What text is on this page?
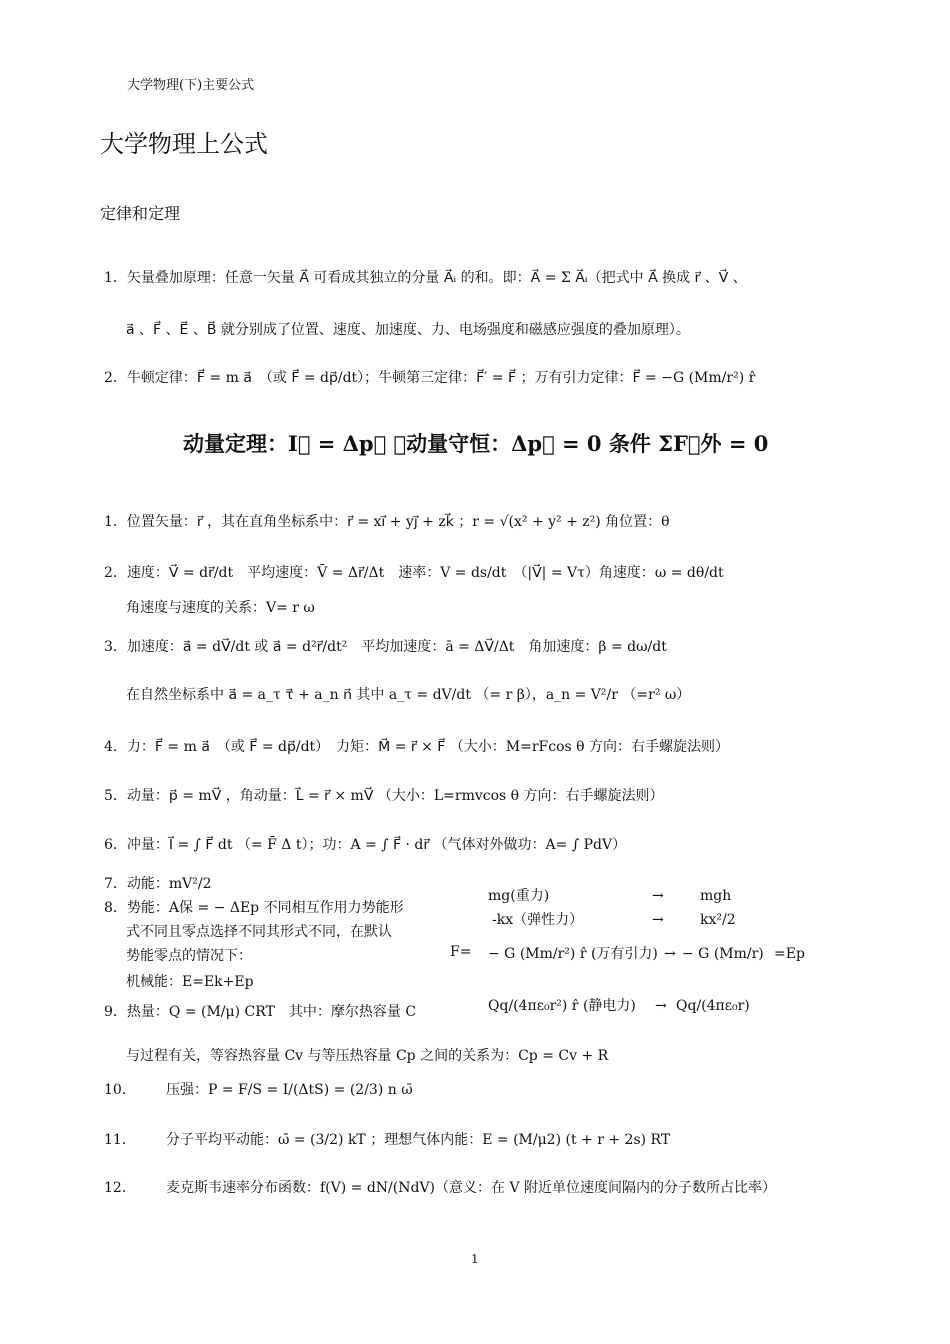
大学物理(下)主要公式
大学物理上公式
定律和定理
1．矢量叠加原理：任意一矢量 A⃗ 可看成其独立的分量 A⃗ᵢ 的和。即：A⃗ = Σ A⃗ᵢ（把式中 A⃗ 换成 r⃗ 、V⃗ 、
a⃗ 、F⃗ 、E⃗ 、B⃗ 就分别成了位置、速度、加速度、力、电场强度和磁感应强度的叠加原理）。
2．牛顿定律：F⃗ = m a⃗　（或 F⃗ = dp⃗/dt）；牛顿第三定律：F⃗′ = F⃗ ；万有引力定律：F⃗ = −G (Mm/r²) r̂
动量定理：I⃗ = Δp⃗ ➜动量守恒：Δp⃗ = 0 条件 ΣF⃗外 = 0
1．位置矢量：r⃗ ，其在直角坐标系中：r⃗ = xi⃗ + yj⃗ + zk⃗ ；r = √(x² + y² + z²) 角位置：θ
2．速度：V⃗ = dr⃗/dt　平均速度：V̄ = Δr⃗/Δt　速率：V = ds/dt　（|V⃗| = Vτ）角速度：ω = dθ/dt
角速度与速度的关系：V= r ω
3．加速度：a⃗ = dV⃗/dt 或 a⃗ = d²r⃗/dt²　平均加速度：ā = ΔV⃗/Δt　角加速度：β = dω/dt
在自然坐标系中 a⃗ = a_τ τ⃗ + a_n n⃗ 其中 a_τ = dV/dt （= r β），a_n = V²/r （=r² ω）
4．力：F⃗ = m a⃗　（或 F⃗ = dp⃗/dt）　力矩：M⃗ = r⃗ × F⃗ （大小：M=rFcos θ 方向：右手螺旋法则）
5．动量：p⃗ = mV⃗ ，角动量：L⃗ = r⃗ × mV⃗ （大小：L=rmvcos θ 方向：右手螺旋法则）
6．冲量：I⃗ = ∫ F⃗ dt （= F̄ Δ t）；功：A = ∫ F⃗ · dr⃗ （气体对外做功：A= ∫ PdV）
7．动能：mV²/2
8．势能：A保 = − ΔEp 不同相互作用力势能形
式不同且零点选择不同其形式不同，在默认
势能零点的情况下：
机械能：E=Ek+Ep
9．热量：Q = (M/μ) CRT　其中：摩尔热容量 C
与过程有关，等容热容量 Cv 与等压热容量 Cp 之间的关系为：Cp = Cv + R
F=
mg(重力)	→	mgh
-kx（弹性力）	→	kx²/2
− G (Mm/r²) r̂ (万有引力) → − G (Mm/r) =Ep
Qq/(4πε₀r²) r̂ (静电力) → Qq/(4πε₀r)
10． 压强：P = F/S = I/(ΔtS) = (2/3) n ω̄
11． 分子平均平动能：ω̄ = (3/2) kT ；理想气体内能：E = (M/μ2) (t + r + 2s) RT
12． 麦克斯韦速率分布函数：f(V) = dN/(NdV)（意义：在 V 附近单位速度间隔内的分子数所占比率）
1
